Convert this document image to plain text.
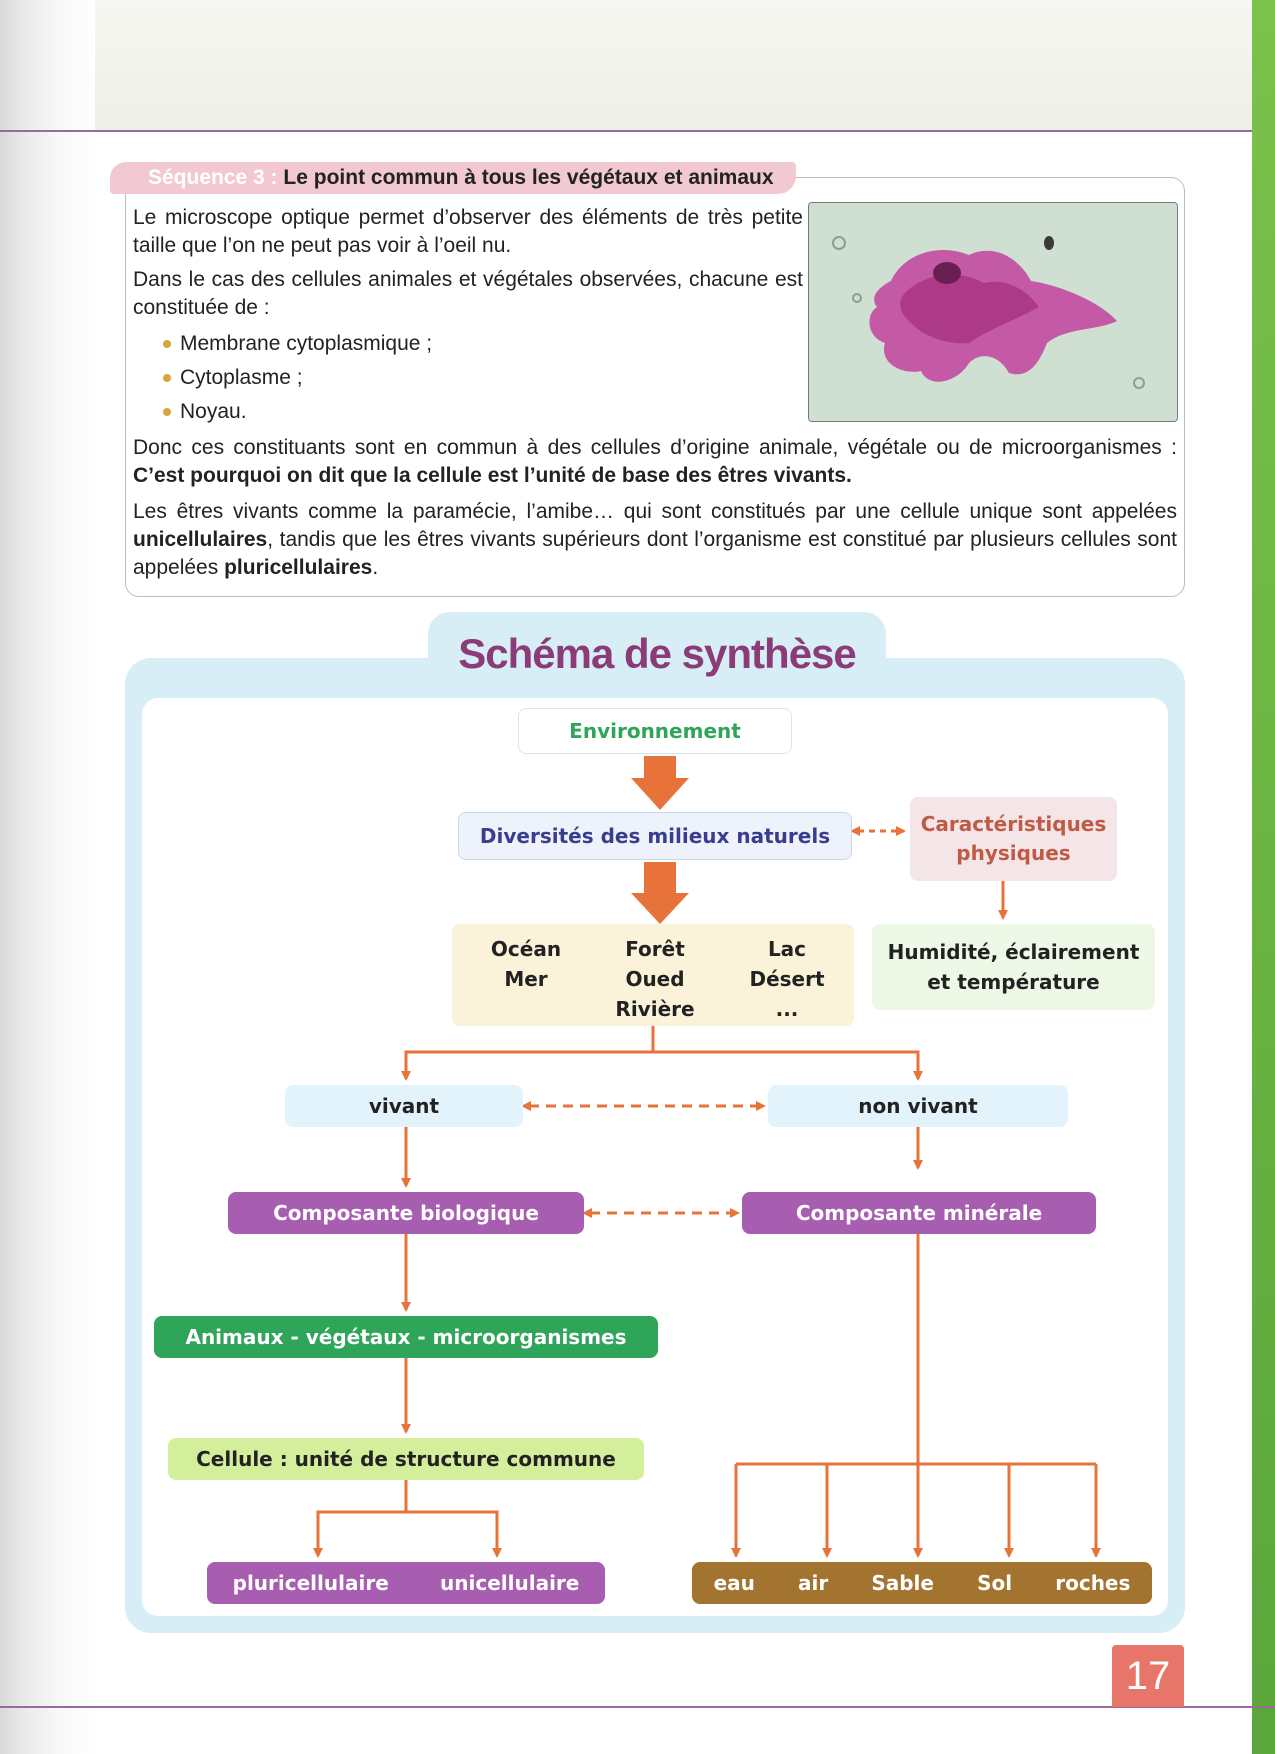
Séquence 3 : Le point commun à tous les végétaux et animaux
Le microscope optique permet d’observer des éléments de très petite taille que l’on ne peut pas voir à l’oeil nu.
Dans le cas des cellules animales et végétales observées, chacune est constituée de :
Membrane cytoplasmique ;
Cytoplasme ;
Noyau.
Donc ces constituants sont en commun à des cellules d’origine animale, végétale ou de microorganismes : C’est pourquoi on dit que la cellule est l’unité de base des êtres vivants.
Les êtres vivants comme la paramécie, l’amibe… qui sont constitués par une cellule unique sont appelées unicellulaires, tandis que les êtres vivants supérieurs dont l’organisme est constitué par plusieurs cellules sont appelées pluricellulaires.
Schéma de synthèse
Environnement
Diversités des milieux naturels	Caractéristiques
physiques
Humidité, éclairement
et température
Océan
Mer
Forêt
Oued
Rivière
Lac
Désert
...
vivant	non vivant
Composante biologique	Composante minérale
Animaux - végétaux - microorganismes
Cellule : unité de structure commune
pluricellulaire	unicellulaire	eau air Sable Sol roches
17
